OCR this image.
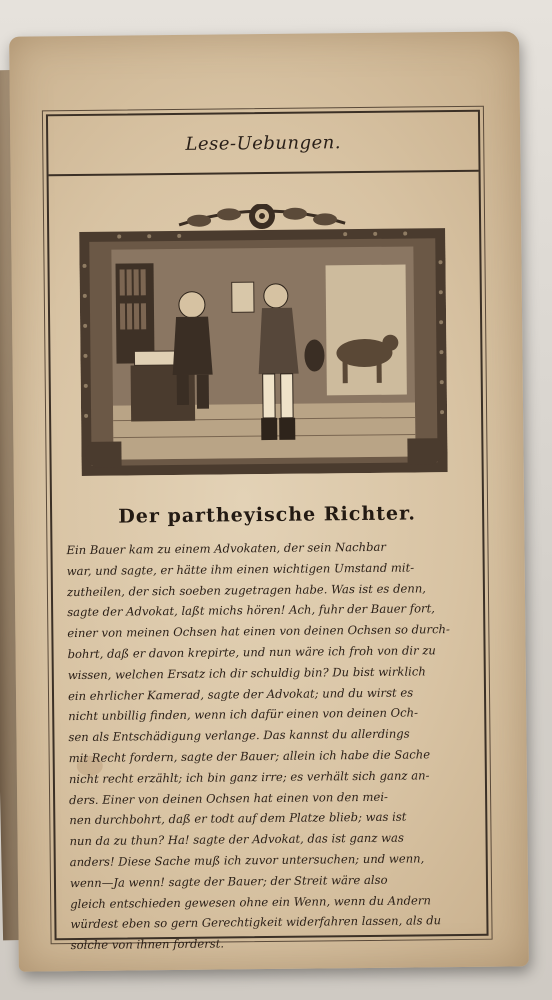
Lese-Uebungen.
Der partheyische Richter.
Ein Bauer kam zu einem Advokaten, der sein Nachbar
war, und sagte, er hätte ihm einen wichtigen Umstand mit-
zutheilen, der sich soeben zugetragen habe. Was ist es denn,
sagte der Advokat, laßt michs hören! Ach, fuhr der Bauer fort,
einer von meinen Ochsen hat einen von deinen Ochsen so durch-
bohrt, daß er davon krepirte, und nun wäre ich froh von dir zu
wissen, welchen Ersatz ich dir schuldig bin? Du bist wirklich
ein ehrlicher Kamerad, sagte der Advokat; und du wirst es
nicht unbillig finden, wenn ich dafür einen von deinen Och-
sen als Entschädigung verlange. Das kannst du allerdings
mit Recht fordern, sagte der Bauer; allein ich habe die Sache
nicht recht erzählt; ich bin ganz irre; es verhält sich ganz an-
ders. Einer von deinen Ochsen hat einen von den mei-
nen durchbohrt, daß er todt auf dem Platze blieb; was ist
nun da zu thun? Ha! sagte der Advokat, das ist ganz was
anders! Diese Sache muß ich zuvor untersuchen; und wenn,
wenn—Ja wenn! sagte der Bauer; der Streit wäre also
gleich entschieden gewesen ohne ein Wenn, wenn du Andern
würdest eben so gern Gerechtigkeit widerfahren lassen, als du
solche von ihnen forderst.
